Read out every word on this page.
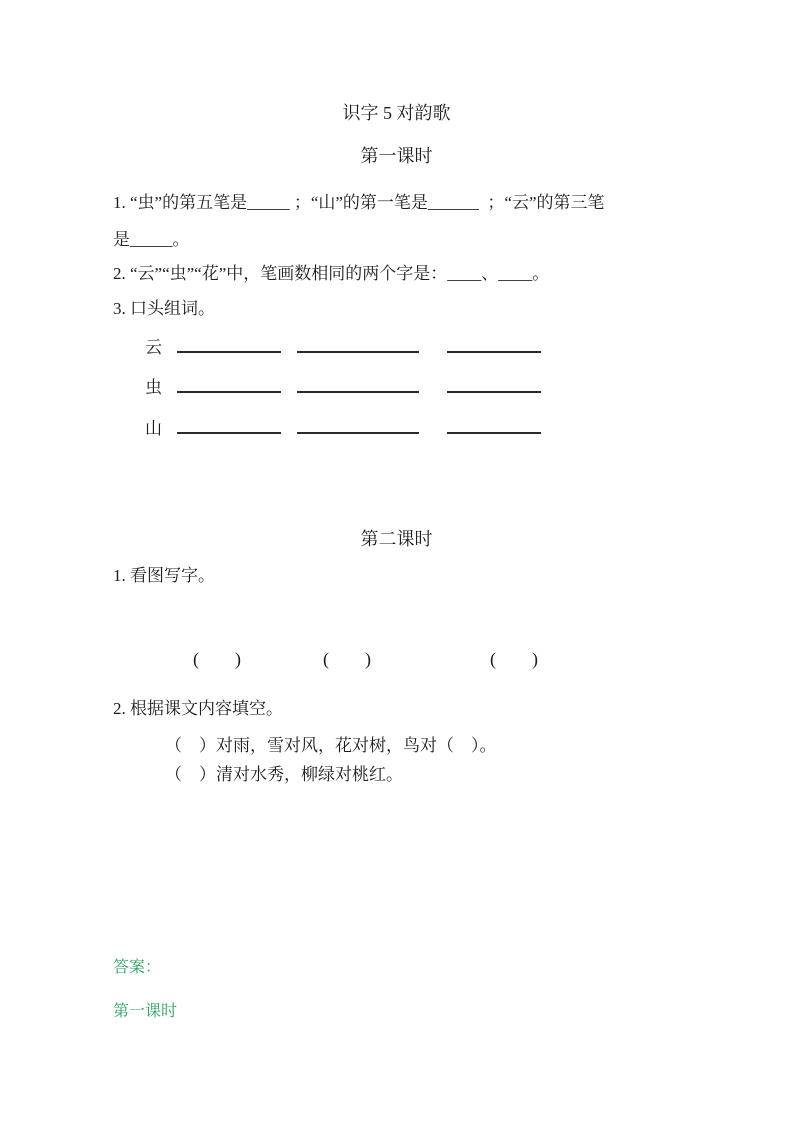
识字 5 对韵歌
第一课时
1. “虫”的第五笔是_____ ；“山”的第一笔是______  ；“云”的第三笔
是_____。
2. “云”“虫”“花”中，笔画数相同的两个字是：____、____。
3. 口头组词。
云
虫
山
第二课时
1. 看图写字。
(　　)	(　　)	(　　)
2. 根据课文内容填空。
（　）对雨，雪对风，花对树，鸟对（　）。
（　）清对水秀，柳绿对桃红。
答案：
第一课时
